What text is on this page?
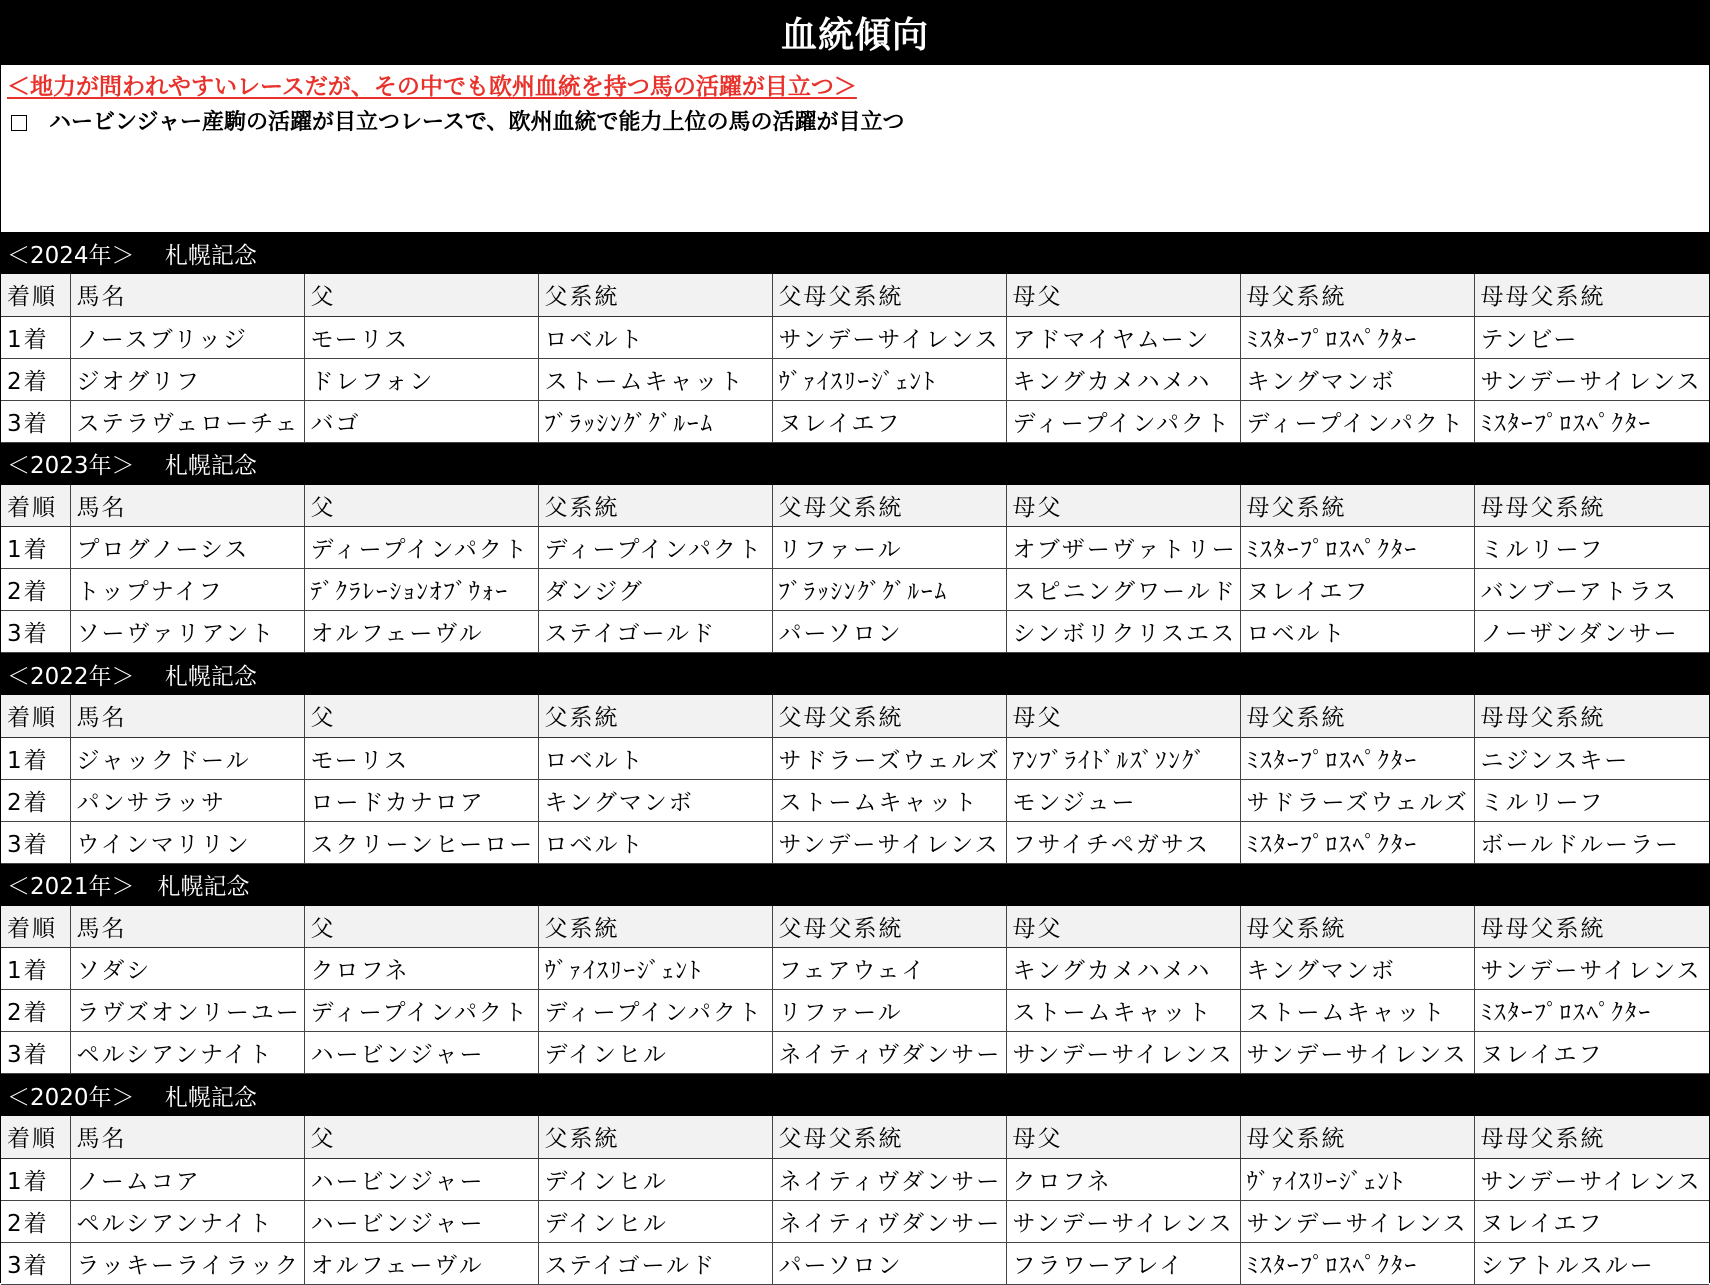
血統傾向
＜地力が問われやすいレースだが、その中でも欧州血統を持つ馬の活躍が目立つ＞
ハービンジャー産駒の活躍が目立つレースで、欧州血統で能力上位の馬の活躍が目立つ
＜2024年＞　 札幌記念
着順	馬名	父	父系統	父母父系統	母父	母父系統	母母父系統
1着	ノースブリッジ	モーリス	ロベルト	サンデーサイレンス	アドマイヤムーン	ﾐｽﾀｰﾌﾟﾛｽﾍﾟｸﾀｰ	テンビー
2着	ジオグリフ	ドレフォン	ストームキャット	ｳﾞｧｲｽﾘｰｼﾞｪﾝﾄ	キングカメハメハ	キングマンボ	サンデーサイレンス
3着	ステラヴェローチェ	バゴ	ﾌﾞﾗｯｼﾝｸﾞｸﾞﾙｰﾑ	ヌレイエフ	ディープインパクト	ディープインパクト	ﾐｽﾀｰﾌﾟﾛｽﾍﾟｸﾀｰ
＜2023年＞　 札幌記念
着順	馬名	父	父系統	父母父系統	母父	母父系統	母母父系統
1着	プログノーシス	ディープインパクト	ディープインパクト	リファール	オブザーヴァトリー	ﾐｽﾀｰﾌﾟﾛｽﾍﾟｸﾀｰ	ミルリーフ
2着	トップナイフ	ﾃﾞｸﾗﾚｰｼｮﾝｵﾌﾞｳｫｰ	ダンジグ	ﾌﾞﾗｯｼﾝｸﾞｸﾞﾙｰﾑ	スピニングワールド	ヌレイエフ	バンブーアトラス
3着	ソーヴァリアント	オルフェーヴル	ステイゴールド	パーソロン	シンボリクリスエス	ロベルト	ノーザンダンサー
＜2022年＞　 札幌記念
着順	馬名	父	父系統	父母父系統	母父	母父系統	母母父系統
1着	ジャックドール	モーリス	ロベルト	サドラーズウェルズ	ｱﾝﾌﾞﾗｲﾄﾞﾙｽﾞｿﾝｸﾞ	ﾐｽﾀｰﾌﾟﾛｽﾍﾟｸﾀｰ	ニジンスキー
2着	パンサラッサ	ロードカナロア	キングマンボ	ストームキャット	モンジュー	サドラーズウェルズ	ミルリーフ
3着	ウインマリリン	スクリーンヒーロー	ロベルト	サンデーサイレンス	フサイチペガサス	ﾐｽﾀｰﾌﾟﾛｽﾍﾟｸﾀｰ	ボールドルーラー
＜2021年＞　札幌記念
着順	馬名	父	父系統	父母父系統	母父	母父系統	母母父系統
1着	ソダシ	クロフネ	ｳﾞｧｲｽﾘｰｼﾞｪﾝﾄ	フェアウェイ	キングカメハメハ	キングマンボ	サンデーサイレンス
2着	ラヴズオンリーユー	ディープインパクト	ディープインパクト	リファール	ストームキャット	ストームキャット	ﾐｽﾀｰﾌﾟﾛｽﾍﾟｸﾀｰ
3着	ペルシアンナイト	ハービンジャー	デインヒル	ネイティヴダンサー	サンデーサイレンス	サンデーサイレンス	ヌレイエフ
＜2020年＞　 札幌記念
着順	馬名	父	父系統	父母父系統	母父	母父系統	母母父系統
1着	ノームコア	ハービンジャー	デインヒル	ネイティヴダンサー	クロフネ	ｳﾞｧｲｽﾘｰｼﾞｪﾝﾄ	サンデーサイレンス
2着	ペルシアンナイト	ハービンジャー	デインヒル	ネイティヴダンサー	サンデーサイレンス	サンデーサイレンス	ヌレイエフ
3着	ラッキーライラック	オルフェーヴル	ステイゴールド	パーソロン	フラワーアレイ	ﾐｽﾀｰﾌﾟﾛｽﾍﾟｸﾀｰ	シアトルスルー
